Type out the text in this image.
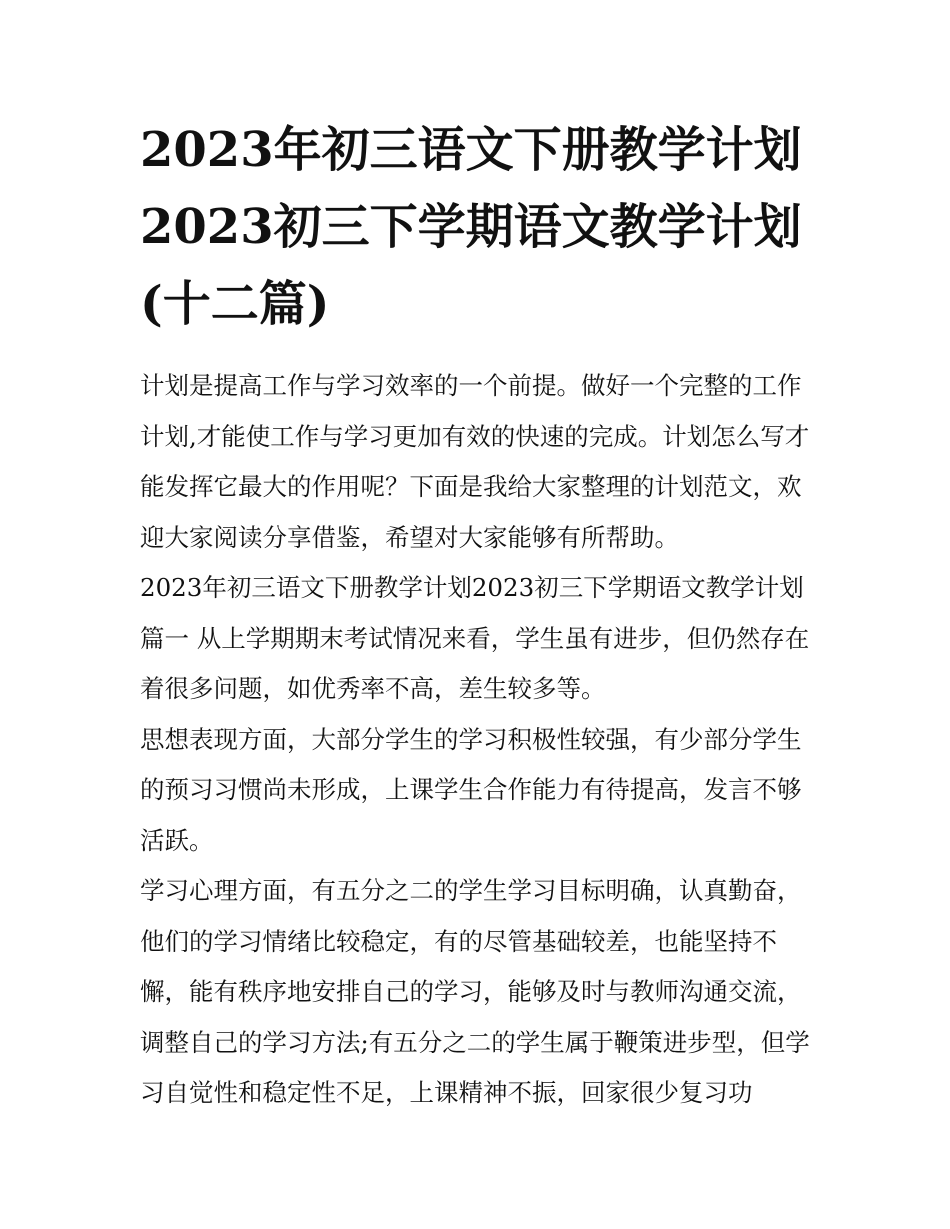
2023年初三语文下册教学计划2023初三下学期语文教学计划(十二篇)

计划是提高工作与学习效率的一个前提。做好一个完整的工作计划,才能使工作与学习更加有效的快速的完成。计划怎么写才能发挥它最大的作用呢？下面是我给大家整理的计划范文，欢迎大家阅读分享借鉴，希望对大家能够有所帮助。

2023年初三语文下册教学计划2023初三下学期语文教学计划篇一 从上学期期末考试情况来看，学生虽有进步，但仍然存在着很多问题，如优秀率不高，差生较多等。

思想表现方面，大部分学生的学习积极性较强，有少部分学生的预习习惯尚未形成，上课学生合作能力有待提高，发言不够活跃。

学习心理方面，有五分之二的学生学习目标明确，认真勤奋，他们的学习情绪比较稳定，有的尽管基础较差，也能坚持不懈，能有秩序地安排自己的学习，能够及时与教师沟通交流，调整自己的学习方法;有五分之二的学生属于鞭策进步型，但学习自觉性和稳定性不足，上课精神不振，回家很少复习功
